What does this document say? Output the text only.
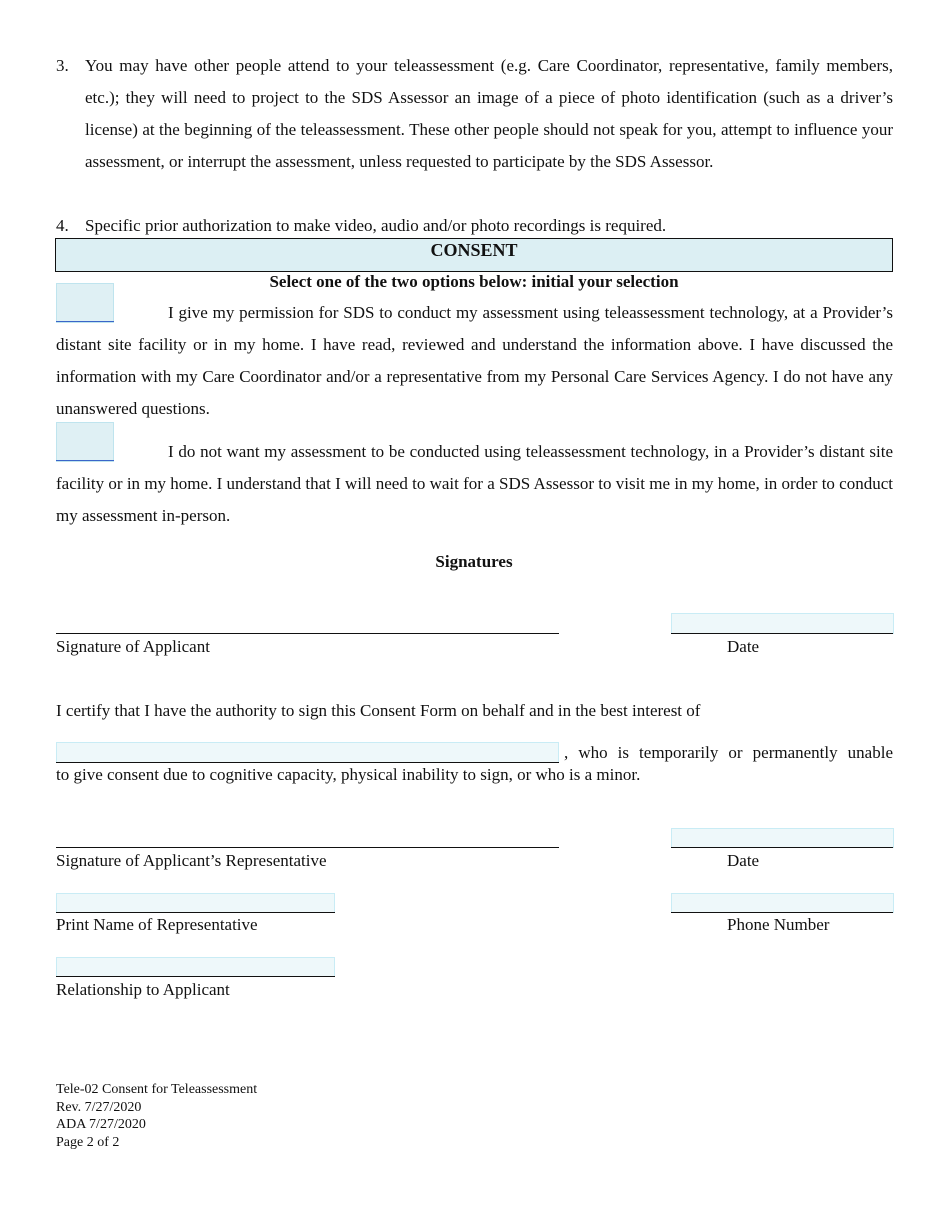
3. You may have other people attend to your teleassessment (e.g. Care Coordinator, representative, family members, etc.); they will need to project to the SDS Assessor an image of a piece of photo identification (such as a driver’s license) at the beginning of the teleassessment. These other people should not speak for you, attempt to influence your assessment, or interrupt the assessment, unless requested to participate by the SDS Assessor.
4. Specific prior authorization to make video, audio and/or photo recordings is required.
CONSENT
Select one of the two options below: initial your selection
I give my permission for SDS to conduct my assessment using teleassessment technology, at a Provider’s distant site facility or in my home. I have read, reviewed and understand the information above. I have discussed the information with my Care Coordinator and/or a representative from my Personal Care Services Agency. I do not have any unanswered questions.
I do not want my assessment to be conducted using teleassessment technology, in a Provider’s distant site facility or in my home. I understand that I will need to wait for a SDS Assessor to visit me in my home, in order to conduct my assessment in-person.
Signatures
Signature of Applicant	Date
I certify that I have the authority to sign this Consent Form on behalf and in the best interest of
, who is temporarily or permanently unable
to give consent due to cognitive capacity, physical inability to sign, or who is a minor.
Signature of Applicant’s Representative	Date
Print Name of Representative	Phone Number
Relationship to Applicant
Tele-02 Consent for Teleassessment
Rev. 7/27/2020
ADA 7/27/2020
Page 2 of 2
